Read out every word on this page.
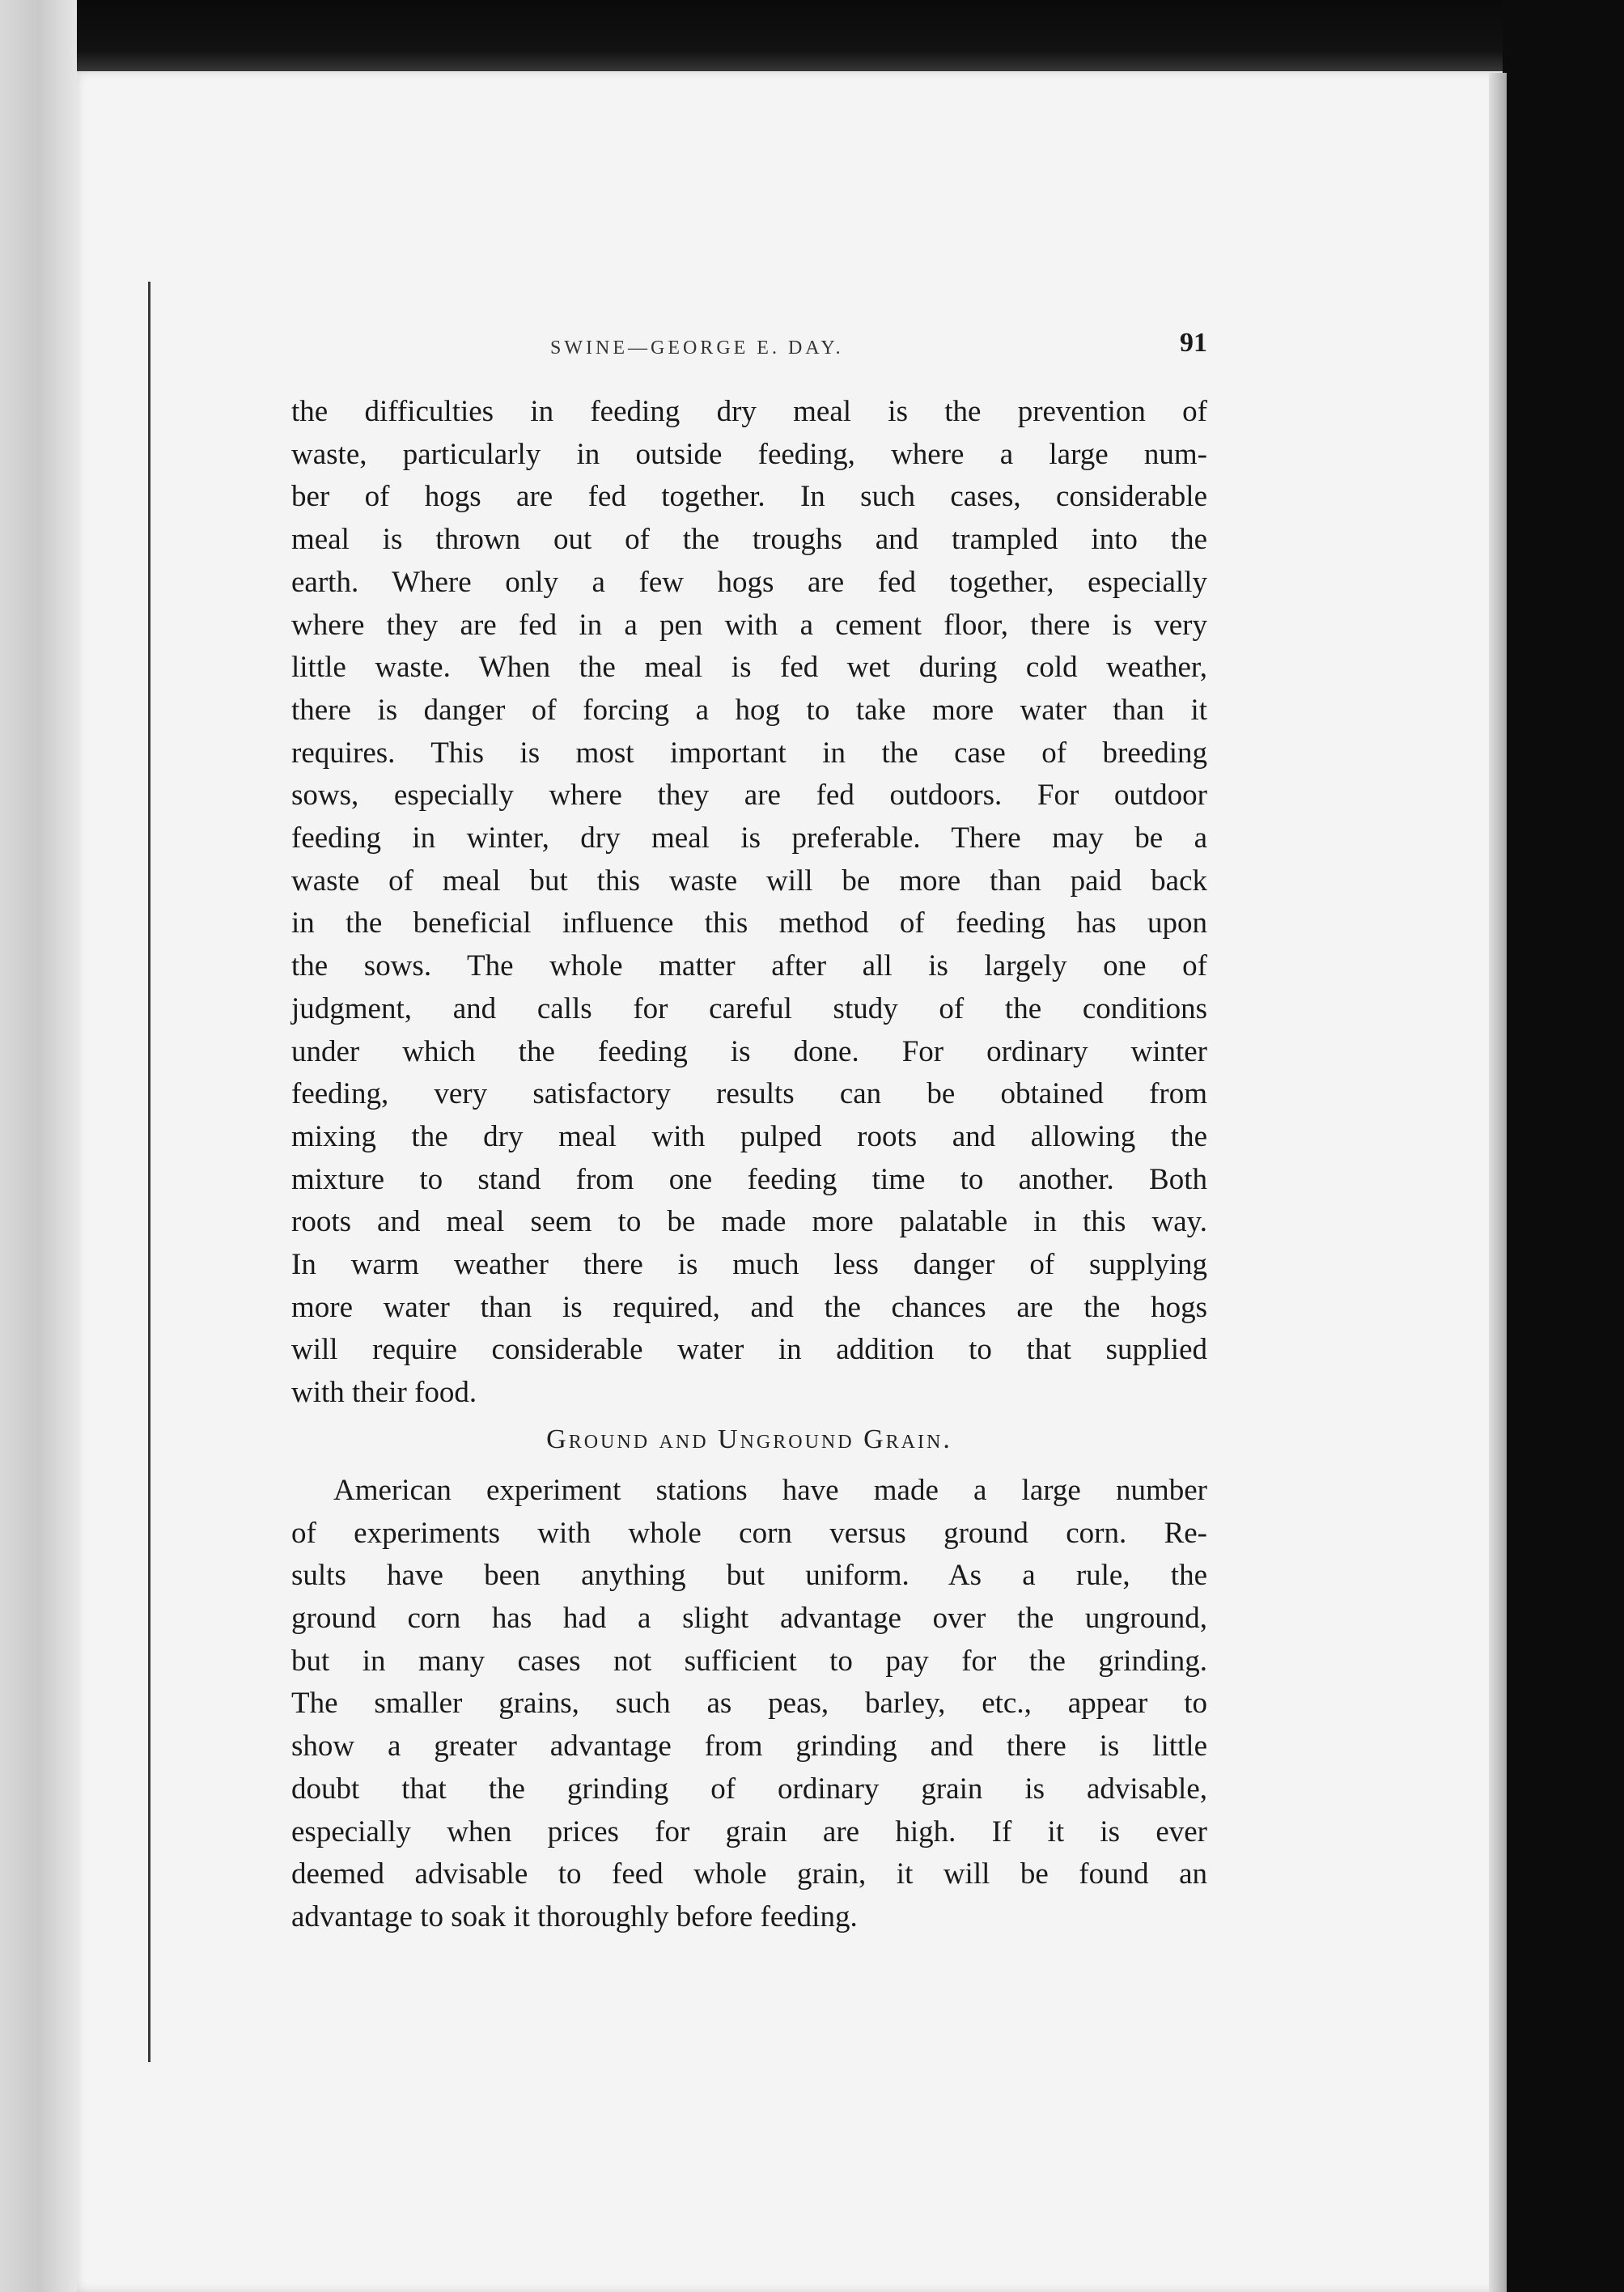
SWINE—GEORGE E. DAY.	91

the difficulties in feeding dry meal is the prevention of
waste, particularly in outside feeding, where a large num-
ber of hogs are fed together. In such cases, considerable
meal is thrown out of the troughs and trampled into the
earth. Where only a few hogs are fed together, especially
where they are fed in a pen with a cement floor, there is very
little waste. When the meal is fed wet during cold weather,
there is danger of forcing a hog to take more water than it
requires. This is most important in the case of breeding
sows, especially where they are fed outdoors. For outdoor
feeding in winter, dry meal is preferable. There may be a
waste of meal but this waste will be more than paid back
in the beneficial influence this method of feeding has upon
the sows. The whole matter after all is largely one of
judgment, and calls for careful study of the conditions
under which the feeding is done. For ordinary winter
feeding, very satisfactory results can be obtained from
mixing the dry meal with pulped roots and allowing the
mixture to stand from one feeding time to another. Both
roots and meal seem to be made more palatable in this way.
In warm weather there is much less danger of supplying
more water than is required, and the chances are the hogs
will require considerable water in addition to that supplied
with their food.

Ground and Unground Grain.

American experiment stations have made a large number
of experiments with whole corn versus ground corn. Re-
sults have been anything but uniform. As a rule, the
ground corn has had a slight advantage over the unground,
but in many cases not sufficient to pay for the grinding.
The smaller grains, such as peas, barley, etc., appear to
show a greater advantage from grinding and there is little
doubt that the grinding of ordinary grain is advisable,
especially when prices for grain are high. If it is ever
deemed advisable to feed whole grain, it will be found an
advantage to soak it thoroughly before feeding.
